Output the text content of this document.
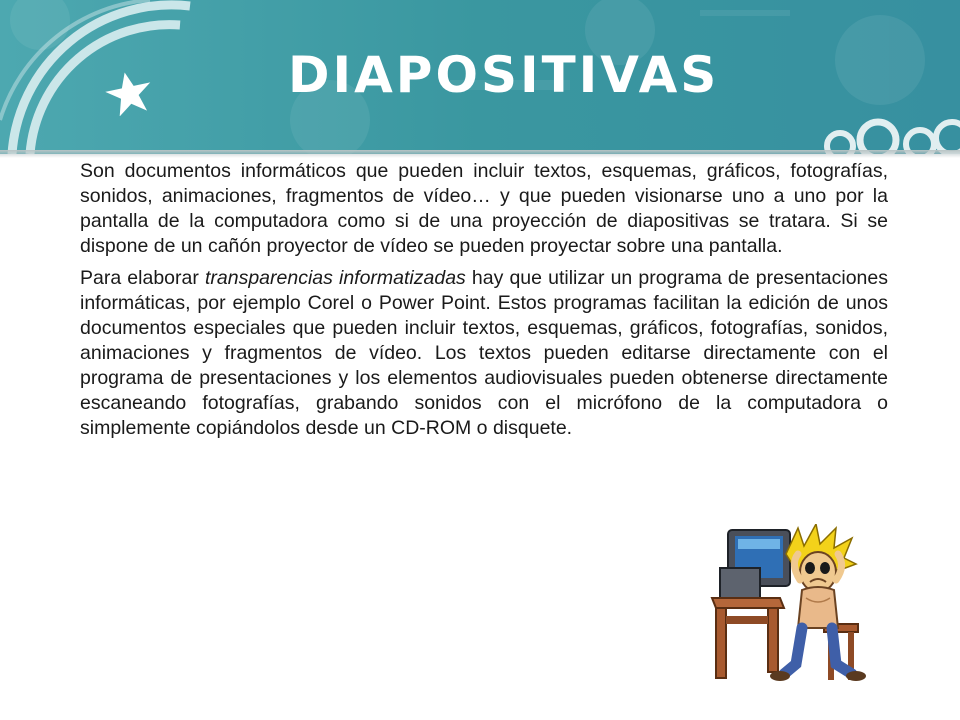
DIAPOSITIVAS

Son documentos informáticos que pueden incluir textos, esquemas, gráficos, fotografías, sonidos, animaciones, fragmentos de vídeo… y que pueden visionarse uno a uno por la pantalla de la computadora como si de una proyección de diapositivas se tratara. Si se dispone de un cañón proyector de vídeo se pueden proyectar sobre una pantalla.

Para elaborar transparencias informatizadas hay que utilizar un programa de presentaciones informáticas, por ejemplo Corel o Power Point. Estos programas facilitan la edición de unos documentos especiales que pueden incluir textos, esquemas, gráficos, fotografías, sonidos, animaciones y fragmentos de vídeo. Los textos pueden editarse directamente con el programa de presentaciones y los elementos audiovisuales pueden obtenerse directamente escaneando fotografías, grabando sonidos con el micrófono de la computadora o simplemente copiándolos desde un CD-ROM o disquete.
